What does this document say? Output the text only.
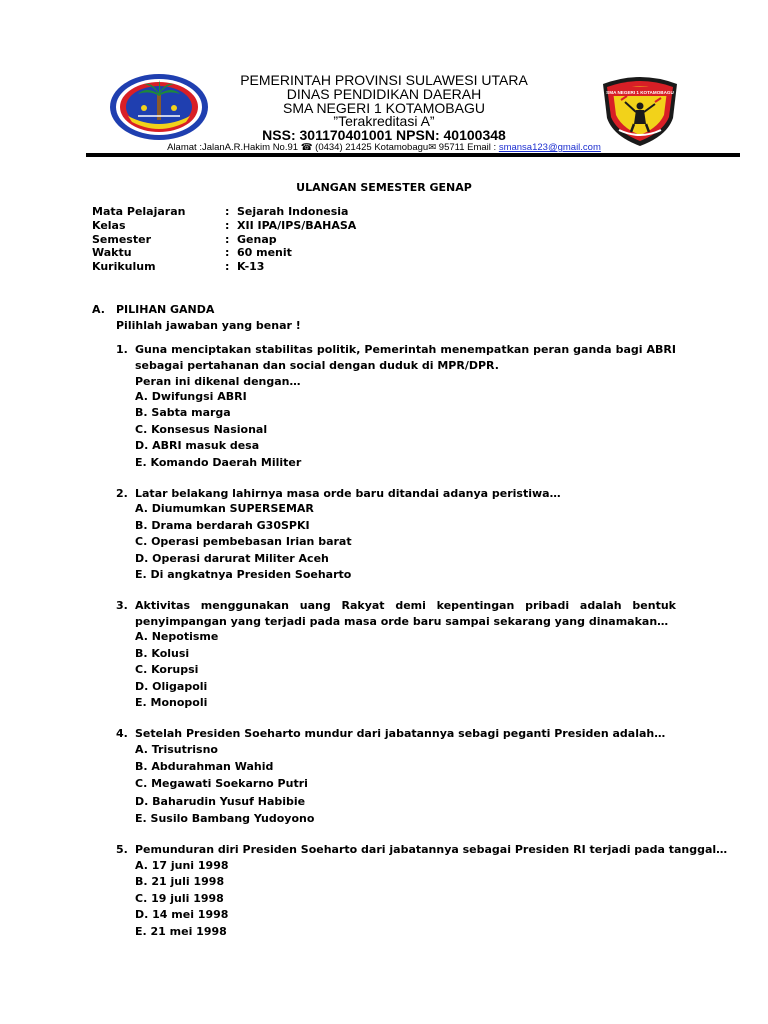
SMA NEGERI 1 KOTAMOBAGU
PEMERINTAH PROVINSI SULAWESI UTARA
DINAS PENDIDIKAN DAERAH
SMA NEGERI 1 KOTAMOBAGU
”Terakreditasi A”
NSS: 301170401001 NPSN: 40100348
Alamat :JalanA.R.Hakim No.91 ☎ (0434) 21425 Kotamobagu✉ 95711 Email : smansa123@gmail.com
ULANGAN SEMESTER GENAP
Mata Pelajaran	: Sejarah Indonesia
Kelas	: XII IPA/IPS/BAHASA
Semester	: Genap
Waktu	: 60 menit
Kurikulum	: K-13
A. PILIHAN GANDA
Pilihlah jawaban yang benar !
1. Guna menciptakan stabilitas politik, Pemerintah menempatkan peran ganda bagi ABRI sebagai pertahanan dan social dengan duduk di MPR/DPR.
Peran ini dikenal dengan…
A. Dwifungsi ABRI
B. Sabta marga
C. Konsesus Nasional
D. ABRI masuk desa
E. Komando Daerah Militer
2. Latar belakang lahirnya masa orde baru ditandai adanya peristiwa…
A. Diumumkan SUPERSEMAR
B. Drama berdarah G30SPKI
C. Operasi pembebasan Irian barat
D. Operasi darurat Militer Aceh
E. Di angkatnya Presiden Soeharto
3. Aktivitas menggunakan uang Rakyat demi kepentingan pribadi adalah bentuk penyimpangan yang terjadi pada masa orde baru sampai sekarang yang dinamakan…
A. Nepotisme
B. Kolusi
C. Korupsi
D. Oligapoli
E. Monopoli
4. Setelah Presiden Soeharto mundur dari jabatannya sebagi peganti Presiden adalah…
A. Trisutrisno
B. Abdurahman Wahid
C. Megawati Soekarno Putri
D. Baharudin Yusuf Habibie
E. Susilo Bambang Yudoyono
5. Pemunduran diri Presiden Soeharto dari jabatannya sebagai Presiden RI terjadi pada tanggal…
A. 17 juni 1998
B. 21 juli 1998
C. 19 juli 1998
D. 14 mei 1998
E. 21 mei 1998
